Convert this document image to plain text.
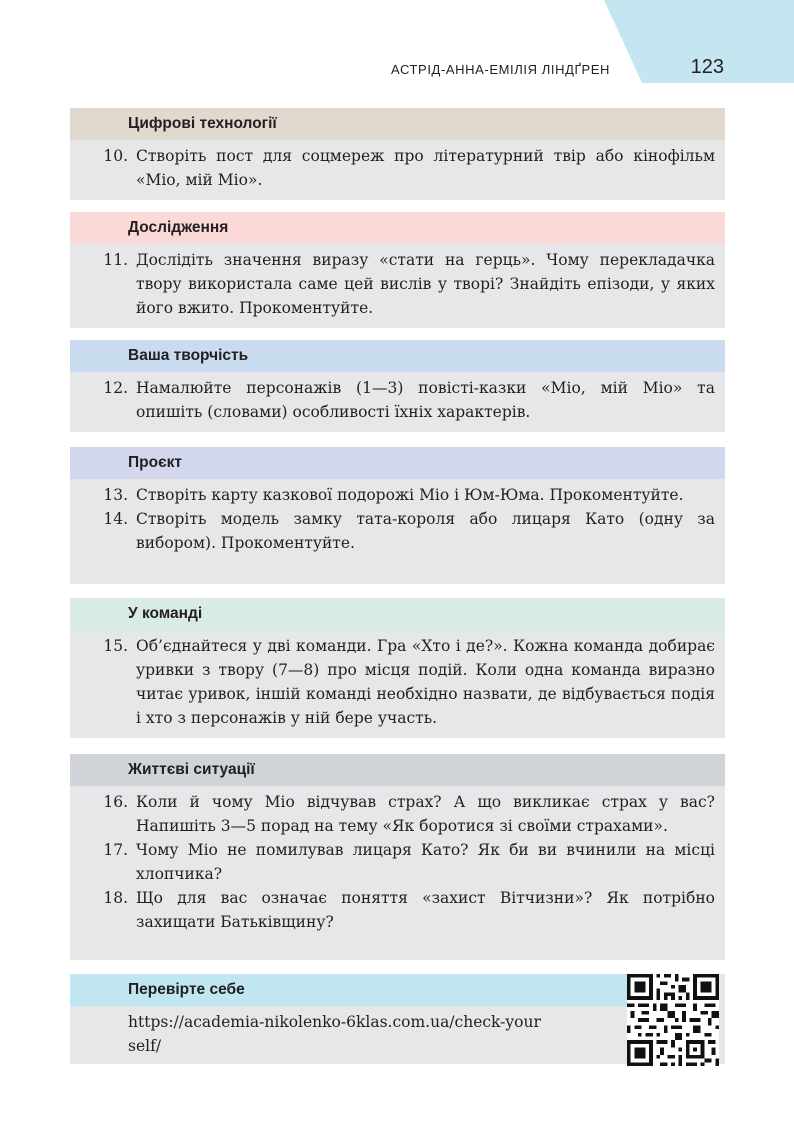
АСТРІД-АННА-ЕМІЛІЯ ЛІНДҐРЕН	123
Цифрові технології
10. Створіть пост для соцмереж про літературний твір або кінофільм «Міо, мій Міо».
Дослідження
11. Дослідіть значення виразу «стати на герць». Чому перекладачка твору використала саме цей вислів у творі? Знайдіть епізоди, у яких його вжито. Прокоментуйте.
Ваша творчість
12. Намалюйте персонажів (1—3) повісті-казки «Міо, мій Міо» та опишіть (словами) особливості їхніх характерів.
Проєкт
13. Створіть карту казкової подорожі Міо і Юм-Юма. Прокоментуйте.
14. Створіть модель замку тата-короля або лицаря Като (одну за вибором). Прокоментуйте.
У команді
15. Об’єднайтеся у дві команди. Гра «Хто і де?». Кожна команда добирає уривки з твору (7—8) про місця подій. Коли одна команда виразно читає уривок, іншій команді необхідно назвати, де відбувається подія і хто з персонажів у ній бере участь.
Життєві ситуації
16. Коли й чому Міо відчував страх? А що викликає страх у вас? Напишіть 3—5 порад на тему «Як боротися зі своїми страхами».
17. Чому Міо не помилував лицаря Като? Як би ви вчинили на місці хлопчика?
18. Що для вас означає поняття «захист Вітчизни»? Як потрібно захищати Батьківщину?
Перевірте себе
https://academia-nikolenko-6klas.com.ua/check-yourself/
